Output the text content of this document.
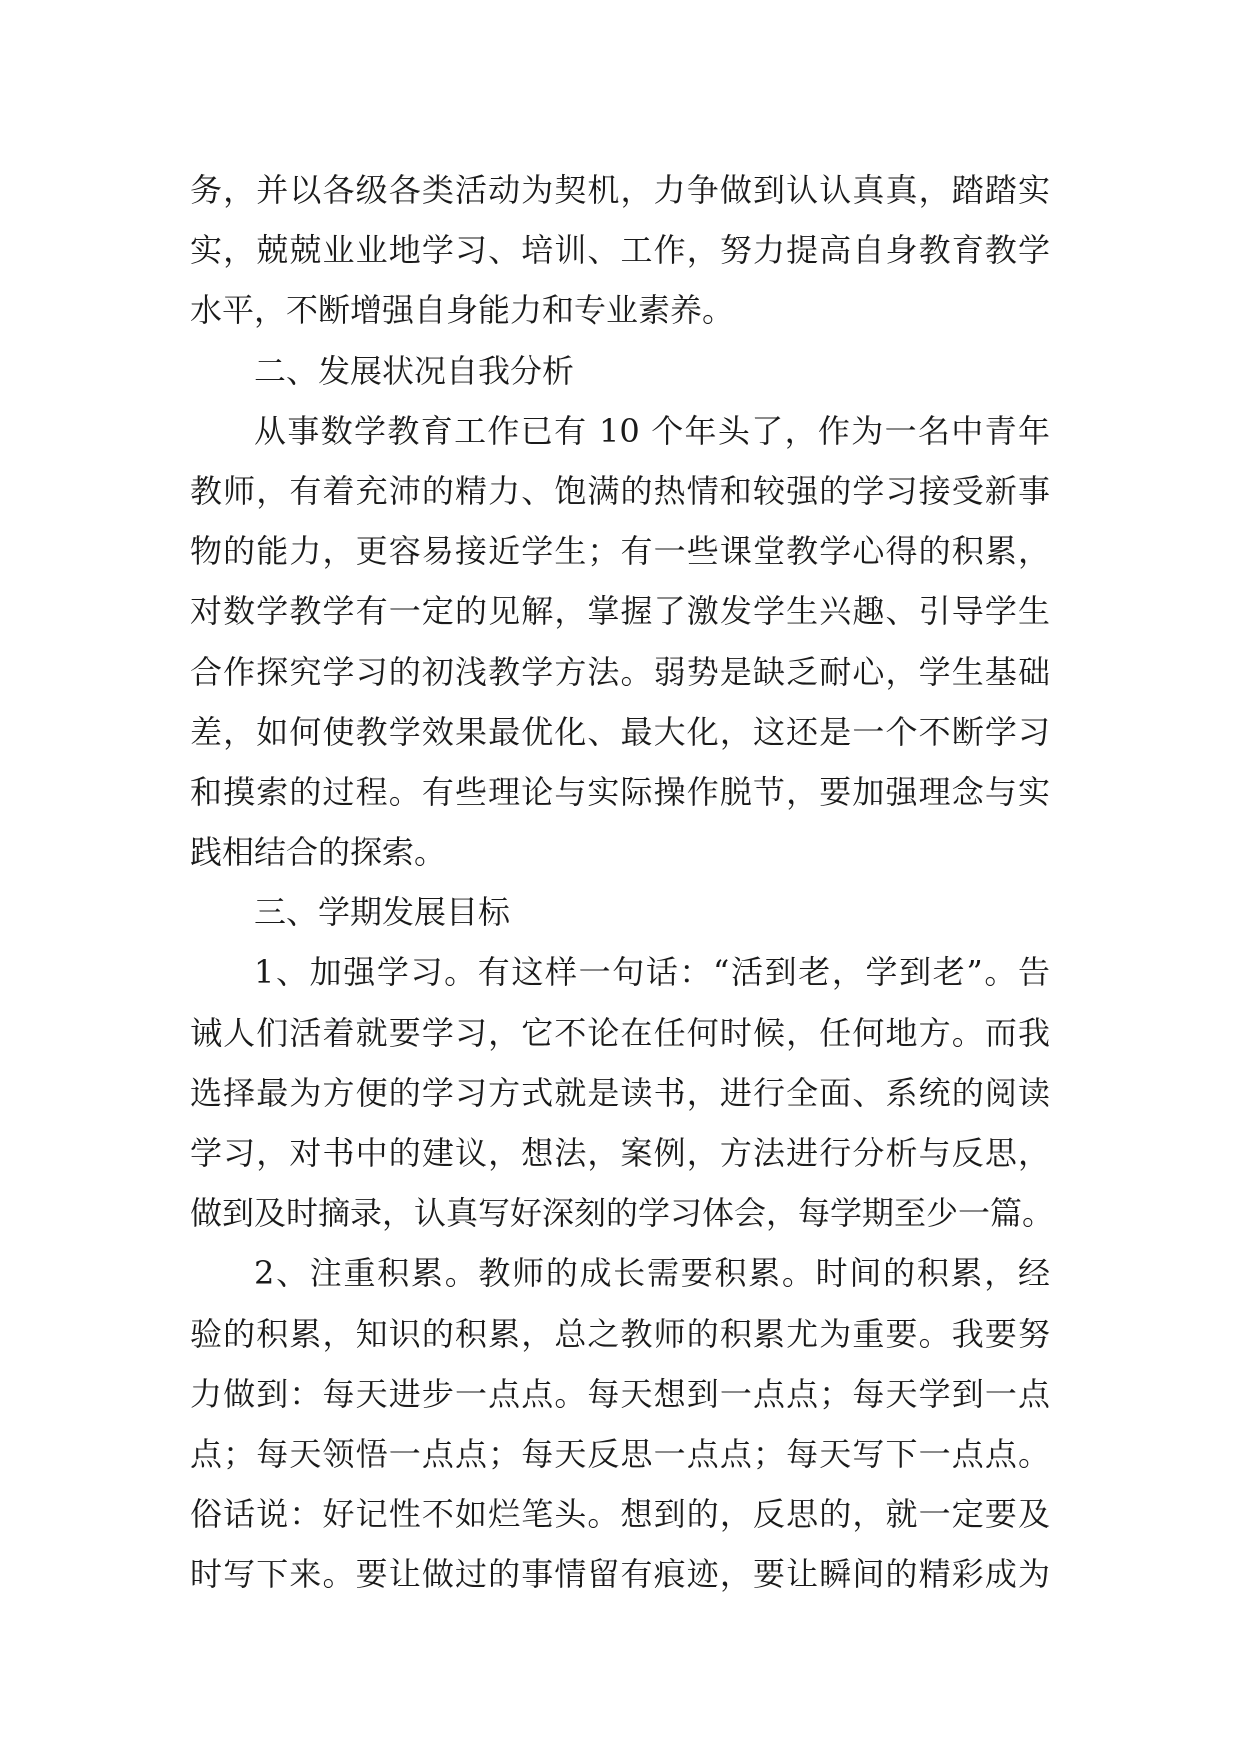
务，并以各级各类活动为契机，力争做到认认真真，踏踏实
实，兢兢业业地学习、培训、工作，努力提高自身教育教学
水平，不断增强自身能力和专业素养。
二、发展状况自我分析
从事数学教育工作已有 10 个年头了，作为一名中青年
教师，有着充沛的精力、饱满的热情和较强的学习接受新事
物的能力，更容易接近学生；有一些课堂教学心得的积累，
对数学教学有一定的见解，掌握了激发学生兴趣、引导学生
合作探究学习的初浅教学方法。弱势是缺乏耐心，学生基础
差，如何使教学效果最优化、最大化，这还是一个不断学习
和摸索的过程。有些理论与实际操作脱节，要加强理念与实
践相结合的探索。
三、学期发展目标
1、加强学习。有这样一句话：“活到老，学到老”。告
诫人们活着就要学习，它不论在任何时候，任何地方。而我
选择最为方便的学习方式就是读书，进行全面、系统的阅读
学习，对书中的建议，想法，案例，方法进行分析与反思，
做到及时摘录，认真写好深刻的学习体会，每学期至少一篇。
2、注重积累。教师的成长需要积累。时间的积累，经
验的积累，知识的积累，总之教师的积累尤为重要。我要努
力做到：每天进步一点点。每天想到一点点；每天学到一点
点；每天领悟一点点；每天反思一点点；每天写下一点点。
俗话说：好记性不如烂笔头。想到的，反思的，就一定要及
时写下来。要让做过的事情留有痕迹，要让瞬间的精彩成为
